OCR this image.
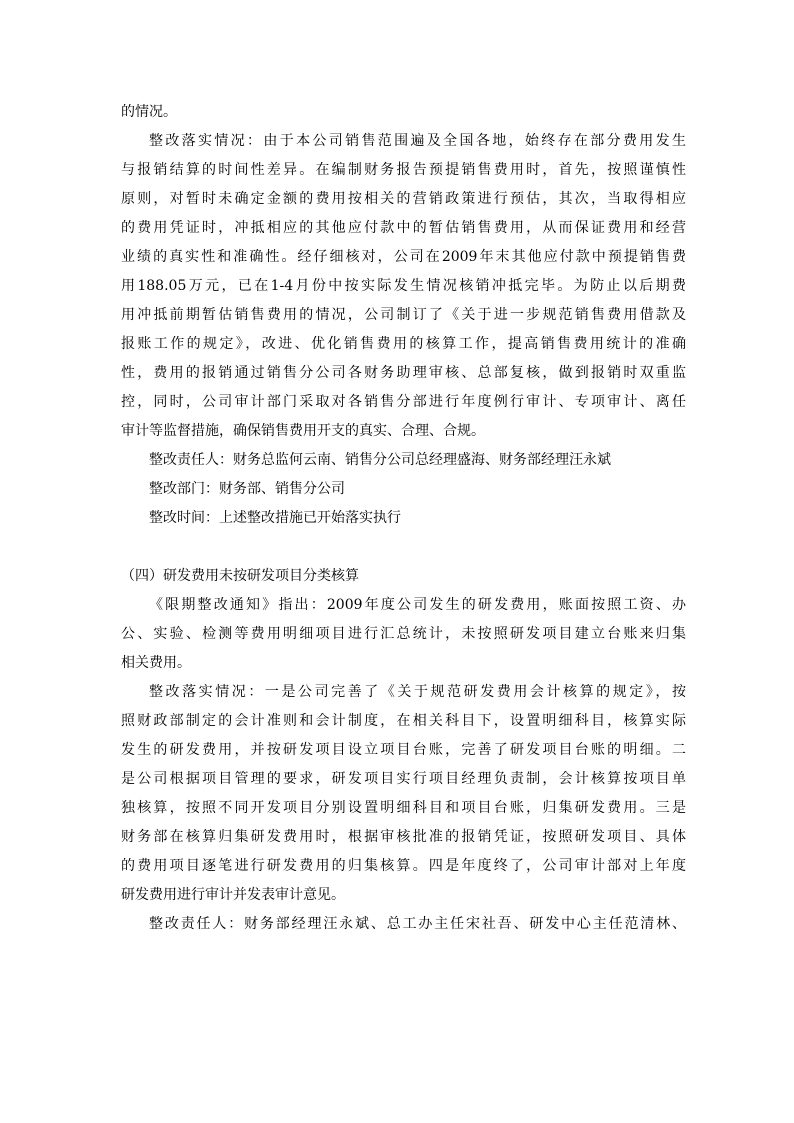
的情况。
整改落实情况：由于本公司销售范围遍及全国各地，始终存在部分费用发生
与报销结算的时间性差异。在编制财务报告预提销售费用时，首先，按照谨慎性
原则，对暂时未确定金额的费用按相关的营销政策进行预估，其次，当取得相应
的费用凭证时，冲抵相应的其他应付款中的暂估销售费用，从而保证费用和经营
业绩的真实性和准确性。经仔细核对，公司在2009年末其他应付款中预提销售费
用188.05万元，已在1-4月份中按实际发生情况核销冲抵完毕。为防止以后期费
用冲抵前期暂估销售费用的情况，公司制订了《关于进一步规范销售费用借款及
报账工作的规定》，改进、优化销售费用的核算工作，提高销售费用统计的准确
性，费用的报销通过销售分公司各财务助理审核、总部复核，做到报销时双重监
控，同时，公司审计部门采取对各销售分部进行年度例行审计、专项审计、离任
审计等监督措施，确保销售费用开支的真实、合理、合规。
整改责任人：财务总监何云南、销售分公司总经理盛海、财务部经理汪永斌
整改部门：财务部、销售分公司
整改时间：上述整改措施已开始落实执行
（四）研发费用未按研发项目分类核算
《限期整改通知》指出：2009年度公司发生的研发费用，账面按照工资、办
公、实验、检测等费用明细项目进行汇总统计，未按照研发项目建立台账来归集
相关费用。
整改落实情况：一是公司完善了《关于规范研发费用会计核算的规定》，按
照财政部制定的会计准则和会计制度，在相关科目下，设置明细科目，核算实际
发生的研发费用，并按研发项目设立项目台账，完善了研发项目台账的明细。二
是公司根据项目管理的要求，研发项目实行项目经理负责制，会计核算按项目单
独核算，按照不同开发项目分别设置明细科目和项目台账，归集研发费用。三是
财务部在核算归集研发费用时，根据审核批准的报销凭证，按照研发项目、具体
的费用项目逐笔进行研发费用的归集核算。四是年度终了，公司审计部对上年度
研发费用进行审计并发表审计意见。
整改责任人：财务部经理汪永斌、总工办主任宋社吾、研发中心主任范清林、
